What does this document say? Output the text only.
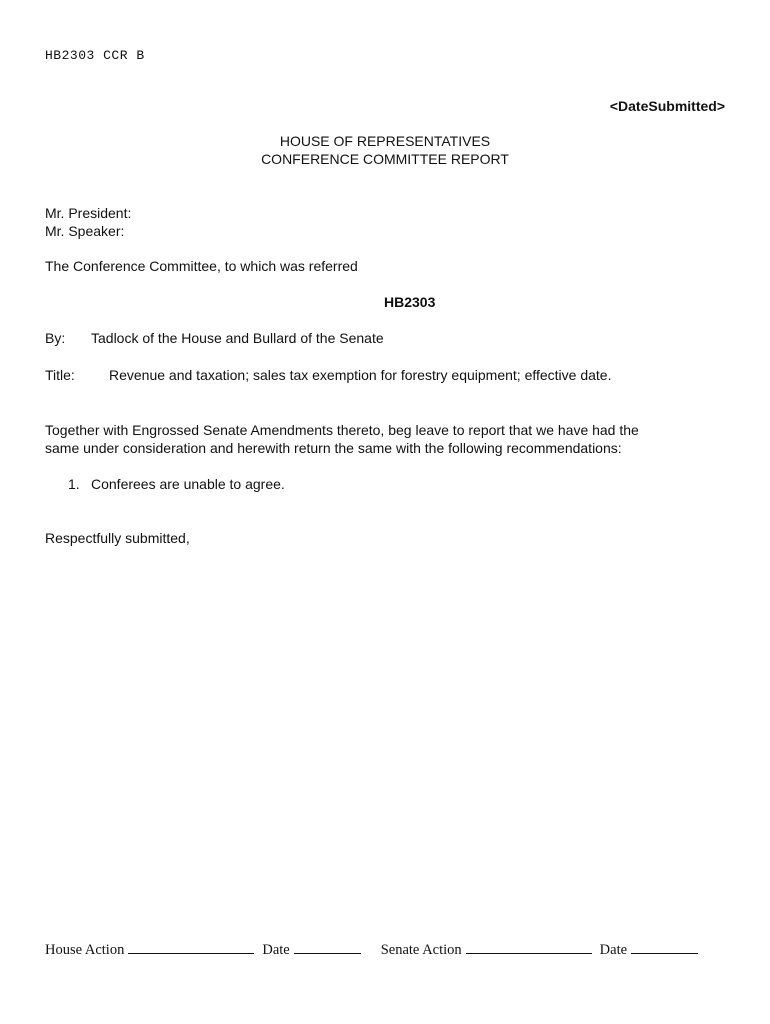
HB2303 CCR B
<DateSubmitted>
HOUSE OF REPRESENTATIVES
CONFERENCE COMMITTEE REPORT
Mr. President:
Mr. Speaker:
The Conference Committee, to which was referred
HB2303
By: Tadlock of the House and Bullard of the Senate
Title: Revenue and taxation; sales tax exemption for forestry equipment; effective date.
Together with Engrossed Senate Amendments thereto, beg leave to report that we have had the
same under consideration and herewith return the same with the following recommendations:
1. Conferees are unable to agree.
Respectfully submitted,
House Action	Date	Senate Action	Date
